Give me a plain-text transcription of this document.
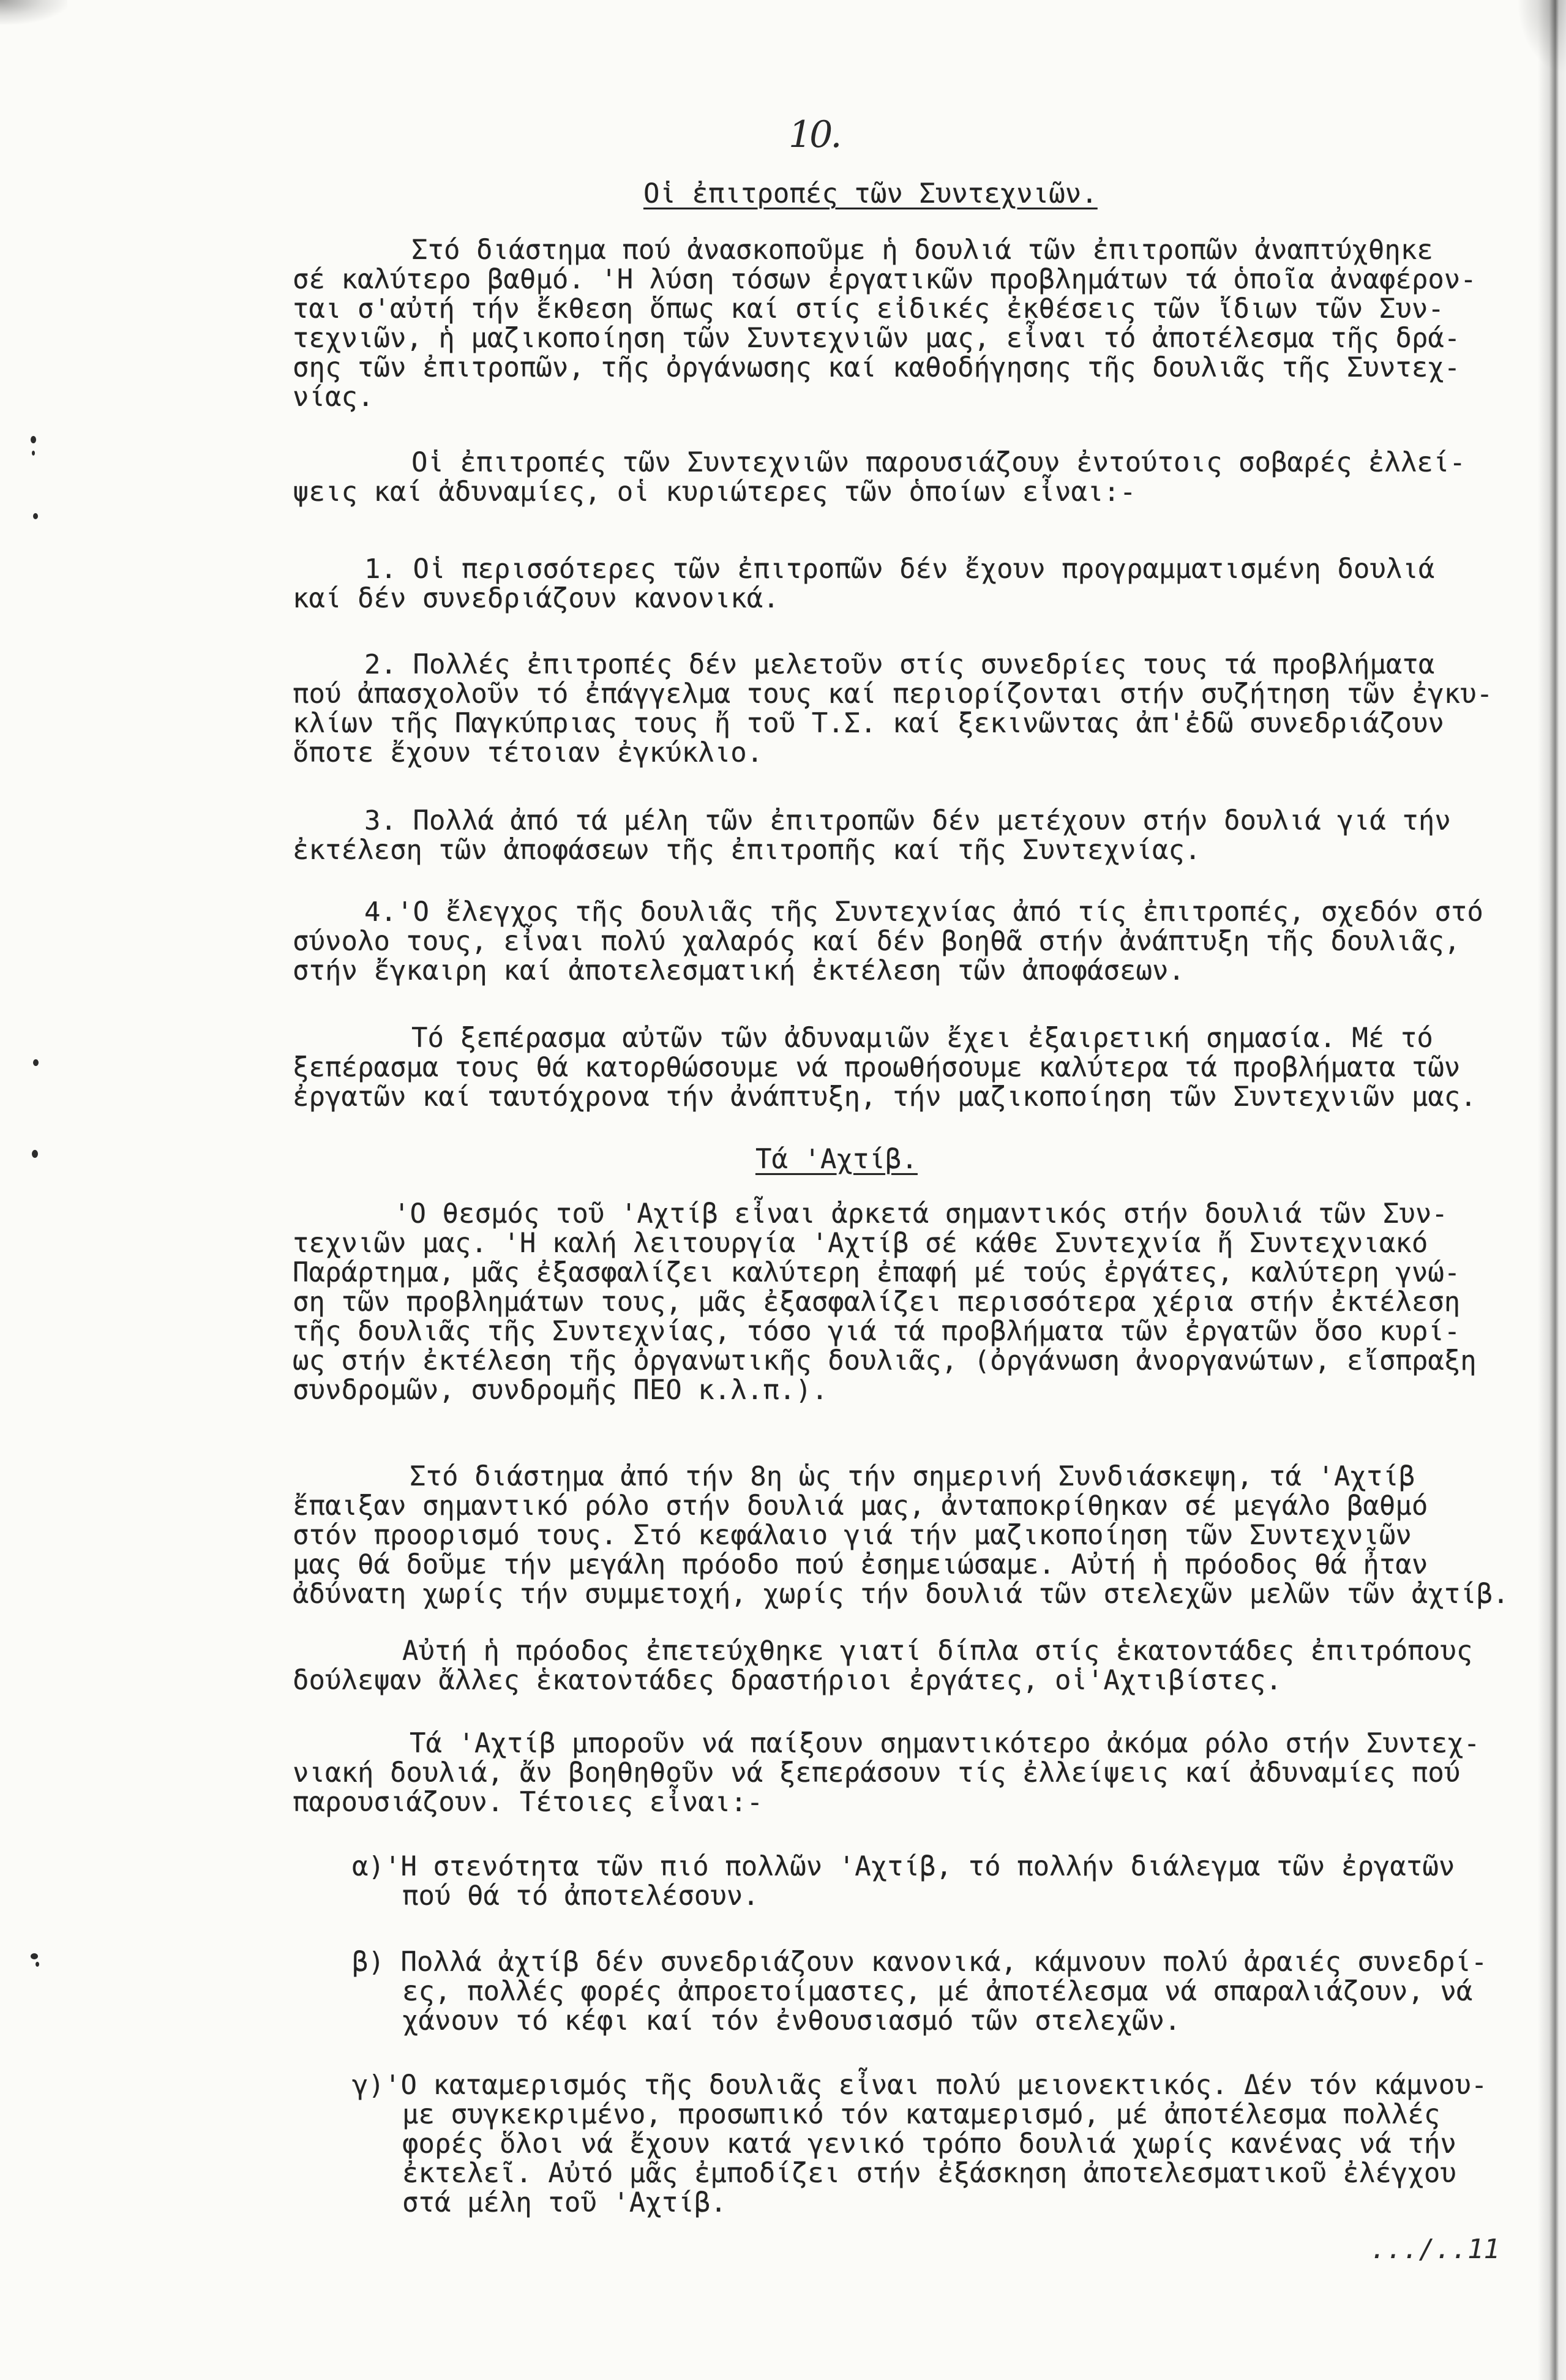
10.
Οἱ ἐπιτροπές τῶν Συντεχνιῶν.
Στό διάστημα πού ἀνασκοποῦμε ἡ δουλιά τῶν ἐπιτροπῶν ἀναπτύχθηκε
σέ καλύτερο βαθμό. 'Η λύση τόσων ἐργατικῶν προβλημάτων τά ὁποῖα ἀναφέρον-
ται σ'αὐτή τήν ἔκθεση ὅπως καί στίς εἰδικές ἐκθέσεις τῶν ἴδιων τῶν Συν-
τεχνιῶν, ἡ μαζικοποίηση τῶν Συντεχνιῶν μας, εἶναι τό ἀποτέλεσμα τῆς δρά-
σης τῶν ἐπιτροπῶν, τῆς ὀργάνωσης καί καθοδήγησης τῆς δουλιᾶς τῆς Συντεχ-
νίας.
Οἱ ἐπιτροπές τῶν Συντεχνιῶν παρουσιάζουν ἐντούτοις σοβαρές ἐλλεί-
ψεις καί ἀδυναμίες, οἱ κυριώτερες τῶν ὁποίων εἶναι:-
1. Οἱ περισσότερες τῶν ἐπιτροπῶν δέν ἔχουν προγραμματισμένη δουλιά
καί δέν συνεδριάζουν κανονικά.
2. Πολλές ἐπιτροπές δέν μελετοῦν στίς συνεδρίες τους τά προβλήματα
πού ἀπασχολοῦν τό ἐπάγγελμα τους καί περιορίζονται στήν συζήτηση τῶν ἐγκυ-
κλίων τῆς Παγκύπριας τους ἤ τοῦ Τ.Σ. καί ξεκινῶντας ἀπ'ἐδῶ συνεδριάζουν
ὅποτε ἔχουν τέτοιαν ἐγκύκλιο.
3. Πολλά ἀπό τά μέλη τῶν ἐπιτροπῶν δέν μετέχουν στήν δουλιά γιά τήν
ἐκτέλεση τῶν ἀποφάσεων τῆς ἐπιτροπῆς καί τῆς Συντεχνίας.
4.'Ο ἔλεγχος τῆς δουλιᾶς τῆς Συντεχνίας ἀπό τίς ἐπιτροπές, σχεδόν στό
σύνολο τους, εἶναι πολύ χαλαρός καί δέν βοηθᾶ στήν ἀνάπτυξη τῆς δουλιᾶς,
στήν ἔγκαιρη καί ἀποτελεσματική ἐκτέλεση τῶν ἀποφάσεων.
Τό ξεπέρασμα αὐτῶν τῶν ἀδυναμιῶν ἔχει ἐξαιρετική σημασία. Μέ τό
ξεπέρασμα τους θά κατορθώσουμε νά προωθήσουμε καλύτερα τά προβλήματα τῶν
ἐργατῶν καί ταυτόχρονα τήν ἀνάπτυξη, τήν μαζικοποίηση τῶν Συντεχνιῶν μας.
Τά 'Αχτίβ.
'Ο θεσμός τοῦ 'Αχτίβ εἶναι ἀρκετά σημαντικός στήν δουλιά τῶν Συν-
τεχνιῶν μας. 'Η καλή λειτουργία 'Αχτίβ σέ κάθε Συντεχνία ἤ Συντεχνιακό
Παράρτημα, μᾶς ἐξασφαλίζει καλύτερη ἐπαφή μέ τούς ἐργάτες, καλύτερη γνώ-
ση τῶν προβλημάτων τους, μᾶς ἐξασφαλίζει περισσότερα χέρια στήν ἐκτέλεση
τῆς δουλιᾶς τῆς Συντεχνίας, τόσο γιά τά προβλήματα τῶν ἐργατῶν ὅσο κυρί-
ως στήν ἐκτέλεση τῆς ὀργανωτικῆς δουλιᾶς, (ὀργάνωση ἀνοργανώτων, εἴσπραξη
συνδρομῶν, συνδρομῆς ΠΕΟ κ.λ.π.).
Στό διάστημα ἀπό τήν 8η ὡς τήν σημερινή Συνδιάσκεψη, τά 'Αχτίβ
ἔπαιξαν σημαντικό ρόλο στήν δουλιά μας, ἀνταποκρίθηκαν σέ μεγάλο βαθμό
στόν προορισμό τους. Στό κεφάλαιο γιά τήν μαζικοποίηση τῶν Συντεχνιῶν
μας θά δοῦμε τήν μεγάλη πρόοδο πού ἐσημειώσαμε. Αὐτή ἡ πρόοδος θά ἦταν
ἀδύνατη χωρίς τήν συμμετοχή, χωρίς τήν δουλιά τῶν στελεχῶν μελῶν τῶν ἀχτίβ.
Αὐτή ἡ πρόοδος ἐπετεύχθηκε γιατί δίπλα στίς ἑκατοντάδες ἐπιτρόπους
δούλεψαν ἄλλες ἑκατοντάδες δραστήριοι ἐργάτες, οἱ'Αχτιβίστες.
Τά 'Αχτίβ μποροῦν νά παίξουν σημαντικότερο ἀκόμα ρόλο στήν Συντεχ-
νιακή δουλιά, ἄν βοηθηθοῦν νά ξεπεράσουν τίς ἐλλείψεις καί ἀδυναμίες πού
παρουσιάζουν. Τέτοιες εἶναι:-
α)'Η στενότητα τῶν πιό πολλῶν 'Αχτίβ, τό πολλήν διάλεγμα τῶν ἐργατῶν
πού θά τό ἀποτελέσουν.
β) Πολλά ἀχτίβ δέν συνεδριάζουν κανονικά, κάμνουν πολύ ἀραιές συνεδρί-
ες, πολλές φορές ἀπροετοίμαστες, μέ ἀποτέλεσμα νά σπαραλιάζουν, νά
χάνουν τό κέφι καί τόν ἐνθουσιασμό τῶν στελεχῶν.
γ)'Ο καταμερισμός τῆς δουλιᾶς εἶναι πολύ μειονεκτικός. Δέν τόν κάμνου-
με συγκεκριμένο, προσωπικό τόν καταμερισμό, μέ ἀποτέλεσμα πολλές
φορές ὅλοι νά ἔχουν κατά γενικό τρόπο δουλιά χωρίς κανένας νά τήν
ἐκτελεῖ. Αὐτό μᾶς ἐμποδίζει στήν ἐξάσκηση ἀποτελεσματικοῦ ἐλέγχου
στά μέλη τοῦ 'Αχτίβ.
.../..11
